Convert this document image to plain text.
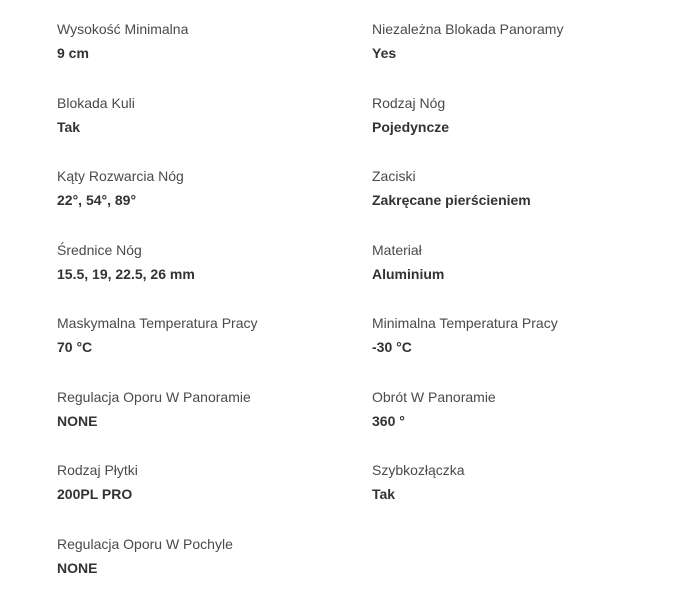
Wysokość Minimalna
9 cm
Niezależna Blokada Panoramy
Yes
Blokada Kuli
Tak
Rodzaj Nóg
Pojedyncze
Kąty Rozwarcia Nóg
22°, 54°, 89°
Zaciski
Zakręcane pierścieniem
Średnice Nóg
15.5, 19, 22.5, 26 mm
Materiał
Aluminium
Maskymalna Temperatura Pracy
70 °C
Minimalna Temperatura Pracy
-30 °C
Regulacja Oporu W Panoramie
NONE
Obrót W Panoramie
360 °
Rodzaj Płytki
200PL PRO
Szybkozłączka
Tak
Regulacja Oporu W Pochyle
NONE
